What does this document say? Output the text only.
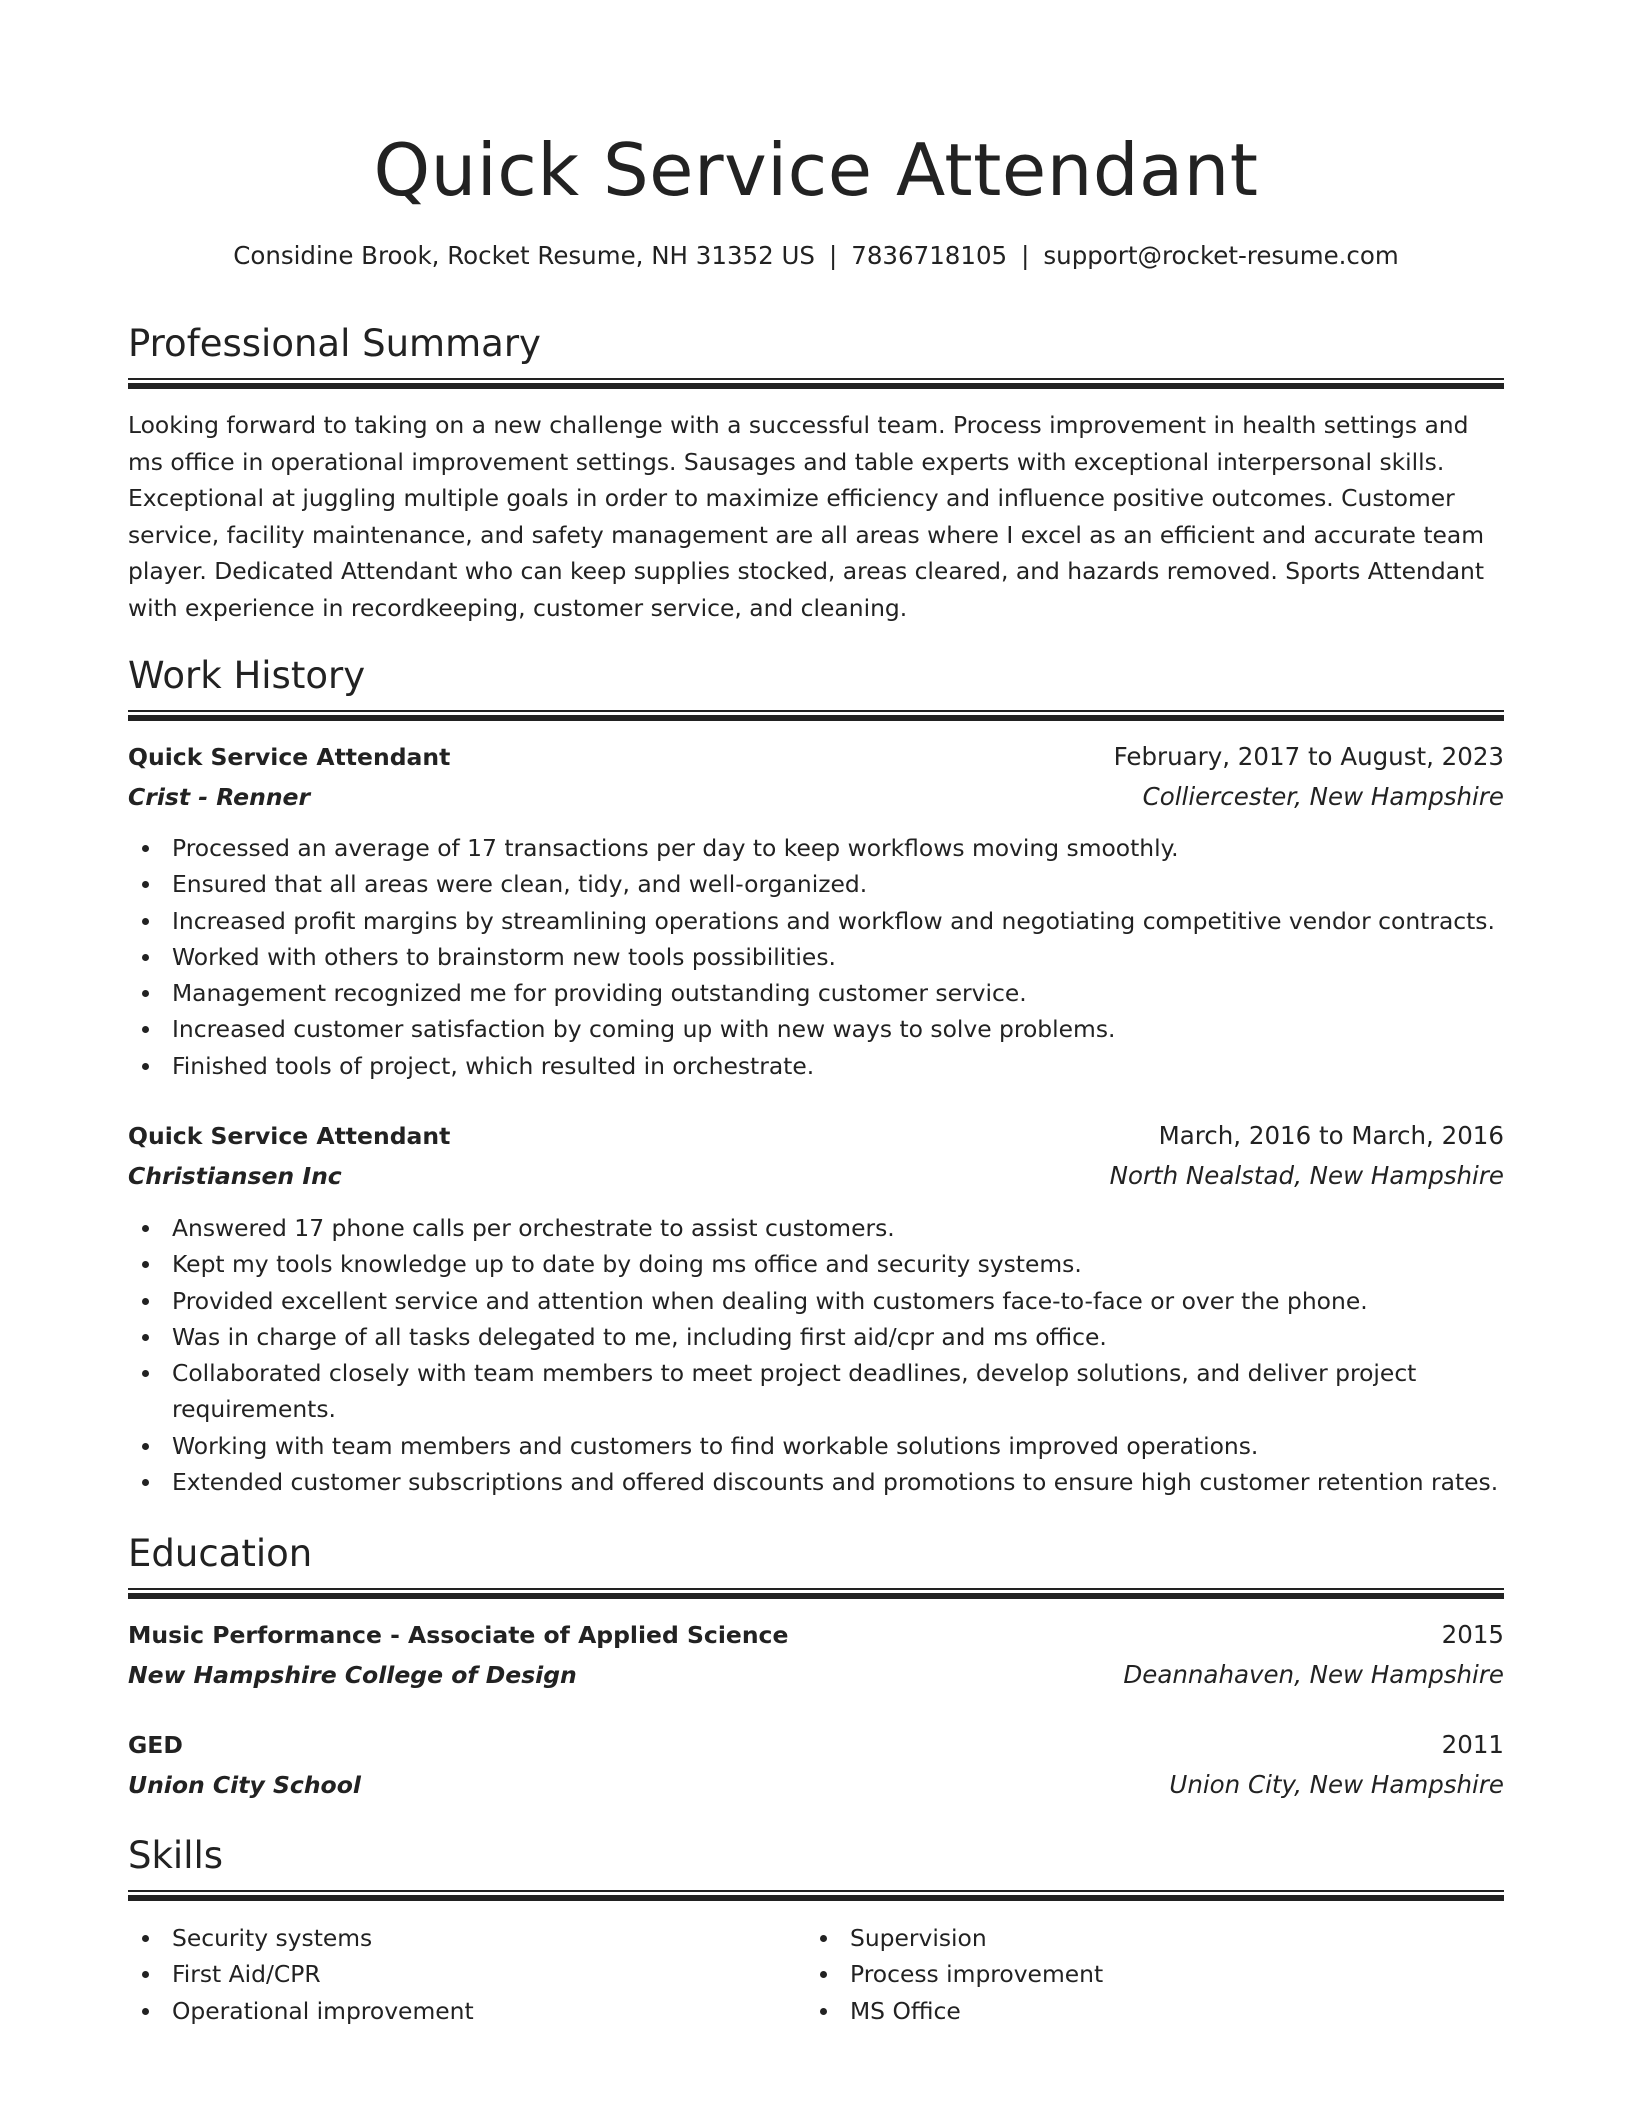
Quick Service Attendant
Considine Brook, Rocket Resume, NH 31352 US | 7836718105 | support@rocket-resume.com
Professional Summary

Looking forward to taking on a new challenge with a successful team. Process improvement in health settings and ms office in operational improvement settings. Sausages and table experts with exceptional interpersonal skills. Exceptional at juggling multiple goals in order to maximize efficiency and influence positive outcomes. Customer service, facility maintenance, and safety management are all areas where I excel as an efficient and accurate team player. Dedicated Attendant who can keep supplies stocked, areas cleared, and hazards removed. Sports Attendant with experience in recordkeeping, customer service, and cleaning.

Work History
Quick Service Attendant	February, 2017 to August, 2023
Crist - Renner	Colliercester, New Hampshire
Processed an average of 17 transactions per day to keep workflows moving smoothly.
Ensured that all areas were clean, tidy, and well-organized.
Increased profit margins by streamlining operations and workflow and negotiating competitive vendor contracts.
Worked with others to brainstorm new tools possibilities.
Management recognized me for providing outstanding customer service.
Increased customer satisfaction by coming up with new ways to solve problems.
Finished tools of project, which resulted in orchestrate.
Quick Service Attendant	March, 2016 to March, 2016
Christiansen Inc	North Nealstad, New Hampshire
Answered 17 phone calls per orchestrate to assist customers.
Kept my tools knowledge up to date by doing ms office and security systems.
Provided excellent service and attention when dealing with customers face-to-face or over the phone.
Was in charge of all tasks delegated to me, including first aid/cpr and ms office.
Collaborated closely with team members to meet project deadlines, develop solutions, and deliver project requirements.
Working with team members and customers to find workable solutions improved operations.
Extended customer subscriptions and offered discounts and promotions to ensure high customer retention rates.
Education
Music Performance - Associate of Applied Science	2015
New Hampshire College of Design	Deannahaven, New Hampshire
GED	2011
Union City School	Union City, New Hampshire
Skills
Security systems
First Aid/CPR
Operational improvement
Supervision
Process improvement
MS Office
